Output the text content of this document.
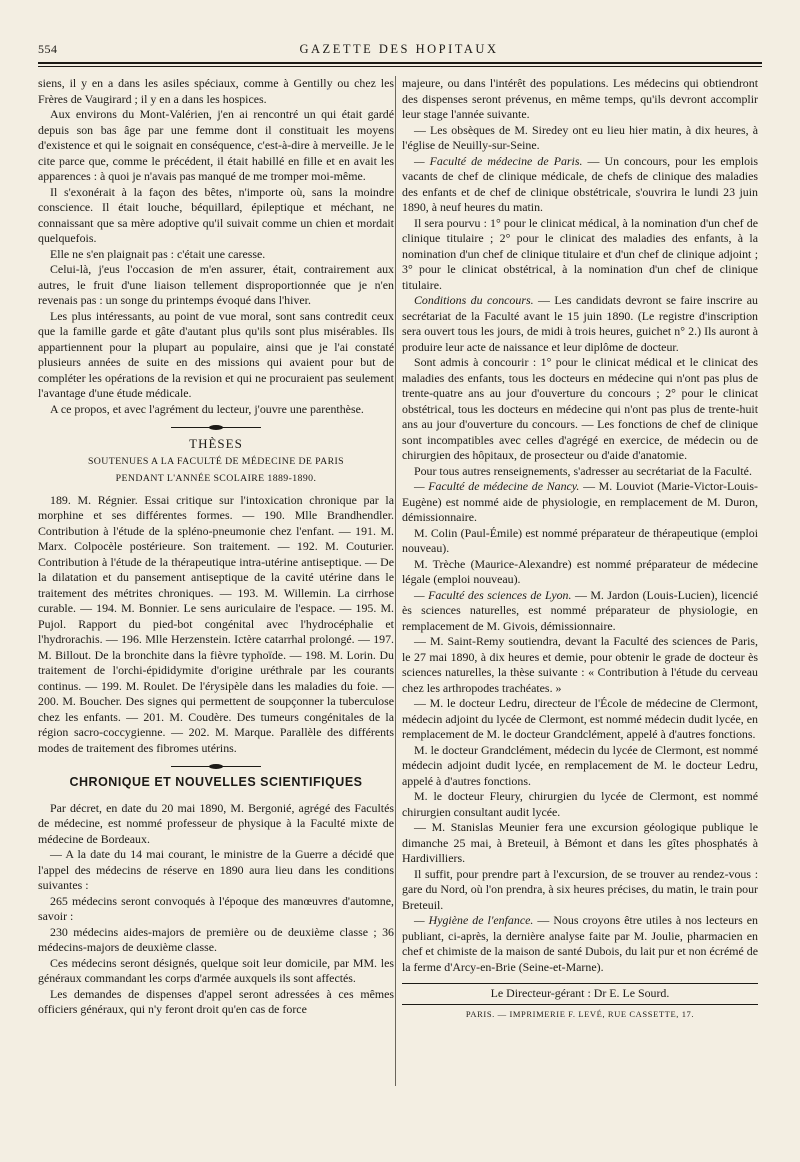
554	GAZETTE DES HOPITAUX

siens, il y en a dans les asiles spéciaux, comme à Gentilly ou chez les Frères de Vaugirard ; il y en a dans les hospices.

Aux environs du Mont-Valérien, j'en ai rencontré un qui était gardé depuis son bas âge par une femme dont il constituait les moyens d'existence et qui le soignait en conséquence, c'est-à-dire à merveille. Je le cite parce que, comme le précédent, il était habillé en fille et en avait les apparences : à quoi je n'avais pas manqué de me tromper moi-même.

Il s'exonérait à la façon des bêtes, n'importe où, sans la moindre conscience. Il était louche, béquillard, épileptique et méchant, ne connaissant que sa mère adoptive qu'il suivait comme un chien et mordait quelquefois.

Elle ne s'en plaignait pas : c'était une caresse.

Celui-là, j'eus l'occasion de m'en assurer, était, contrairement aux autres, le fruit d'une liaison tellement disproportionnée que je n'en revenais pas : un songe du printemps évoqué dans l'hiver.

Les plus intéressants, au point de vue moral, sont sans contredit ceux que la famille garde et gâte d'autant plus qu'ils sont plus misérables. Ils appartiennent pour la plupart au populaire, ainsi que je l'ai constaté plusieurs années de suite en des missions qui avaient pour but de compléter les opérations de la revision et qui ne procuraient pas seulement l'avantage d'une étude médicale.

A ce propos, et avec l'agrément du lecteur, j'ouvre une parenthèse.

THÈSES
SOUTENUES A LA FACULTÉ DE MÉDECINE DE PARIS
PENDANT L'ANNÉE SCOLAIRE 1889-1890.

189. M. Régnier. Essai critique sur l'intoxication chronique par la morphine et ses différentes formes. — 190. Mlle Brandhendler. Contribution à l'étude de la spléno-pneumonie chez l'enfant. — 191. M. Marx. Colpocèle postérieure. Son traitement. — 192. M. Couturier. Contribution à l'étude de la thérapeutique intra-utérine antiseptique. — De la dilatation et du pansement antiseptique de la cavité utérine dans le traitement des métrites chroniques. — 193. M. Willemin. La cirrhose curable. — 194. M. Bonnier. Le sens auriculaire de l'espace. — 195. M. Pujol. Rapport du pied-bot congénital avec l'hydrocéphalie et l'hydrorachis. — 196. Mlle Herzenstein. Ictère catarrhal prolongé. — 197. M. Billout. De la bronchite dans la fièvre typhoïde. — 198. M. Lorin. Du traitement de l'orchi-épididymite d'origine uréthrale par les courants continus. — 199. M. Roulet. De l'érysipèle dans les maladies du foie. — 200. M. Boucher. Des signes qui permettent de soupçonner la tuberculose chez les enfants. — 201. M. Coudère. Des tumeurs congénitales de la région sacro-coccygienne. — 202. M. Marque. Parallèle des différents modes de traitement des fibromes utérins.

CHRONIQUE ET NOUVELLES SCIENTIFIQUES

Par décret, en date du 20 mai 1890, M. Bergonié, agrégé des Facultés de médecine, est nommé professeur de physique à la Faculté mixte de médecine de Bordeaux.

— A la date du 14 mai courant, le ministre de la Guerre a décidé que l'appel des médecins de réserve en 1890 aura lieu dans les conditions suivantes :

265 médecins seront convoqués à l'époque des manœuvres d'automne, savoir :

230 médecins aides-majors de première ou de deuxième classe ; 36 médecins-majors de deuxième classe.

Ces médecins seront désignés, quelque soit leur domicile, par MM. les généraux commandant les corps d'armée auxquels ils sont affectés.

Les demandes de dispenses d'appel seront adressées à ces mêmes officiers généraux, qui n'y feront droit qu'en cas de force

majeure, ou dans l'intérêt des populations. Les médecins qui obtiendront des dispenses seront prévenus, en même temps, qu'ils devront accomplir leur stage l'année suivante.

— Les obsèques de M. Siredey ont eu lieu hier matin, à dix heures, à l'église de Neuilly-sur-Seine.

— Faculté de médecine de Paris. — Un concours, pour les emplois vacants de chef de clinique médicale, de chefs de clinique des maladies des enfants et de chef de clinique obstétricale, s'ouvrira le lundi 23 juin 1890, à neuf heures du matin.

Il sera pourvu : 1° pour le clinicat médical, à la nomination d'un chef de clinique titulaire ; 2° pour le clinicat des maladies des enfants, à la nomination d'un chef de clinique titulaire et d'un chef de clinique adjoint ; 3° pour le clinicat obstétrical, à la nomination d'un chef de clinique titulaire.

Conditions du concours. — Les candidats devront se faire inscrire au secrétariat de la Faculté avant le 15 juin 1890. (Le registre d'inscription sera ouvert tous les jours, de midi à trois heures, guichet n° 2.) Ils auront à produire leur acte de naissance et leur diplôme de docteur.

Sont admis à concourir : 1° pour le clinicat médical et le clinicat des maladies des enfants, tous les docteurs en médecine qui n'ont pas plus de trente-quatre ans au jour d'ouverture du concours ; 2° pour le clinicat obstétrical, tous les docteurs en médecine qui n'ont pas plus de trente-huit ans au jour d'ouverture du concours. — Les fonctions de chef de clinique sont incompatibles avec celles d'agrégé en exercice, de médecin ou de chirurgien des hôpitaux, de prosecteur ou d'aide d'anatomie.

Pour tous autres renseignements, s'adresser au secrétariat de la Faculté.

— Faculté de médecine de Nancy. — M. Louviot (Marie-Victor-Louis-Eugène) est nommé aide de physiologie, en remplacement de M. Duron, démissionnaire.

M. Colin (Paul-Émile) est nommé préparateur de thérapeutique (emploi nouveau).

M. Trèche (Maurice-Alexandre) est nommé préparateur de médecine légale (emploi nouveau).

— Faculté des sciences de Lyon. — M. Jardon (Louis-Lucien), licencié ès sciences naturelles, est nommé préparateur de physiologie, en remplacement de M. Givois, démissionnaire.

— M. Saint-Remy soutiendra, devant la Faculté des sciences de Paris, le 27 mai 1890, à dix heures et demie, pour obtenir le grade de docteur ès sciences naturelles, la thèse suivante : « Contribution à l'étude du cerveau chez les arthropodes trachéates. »

— M. le docteur Ledru, directeur de l'École de médecine de Clermont, médecin adjoint du lycée de Clermont, est nommé médecin dudit lycée, en remplacement de M. le docteur Grandclément, appelé à d'autres fonctions.

M. le docteur Grandclément, médecin du lycée de Clermont, est nommé médecin adjoint dudit lycée, en remplacement de M. le docteur Ledru, appelé à d'autres fonctions.

M. le docteur Fleury, chirurgien du lycée de Clermont, est nommé chirurgien consultant audit lycée.

— M. Stanislas Meunier fera une excursion géologique publique le dimanche 25 mai, à Breteuil, à Bémont et dans les gîtes phosphatés à Hardivilliers.

Il suffit, pour prendre part à l'excursion, de se trouver au rendez-vous : gare du Nord, où l'on prendra, à six heures précises, du matin, le train pour Breteuil.

— Hygiène de l'enfance. — Nous croyons être utiles à nos lecteurs en publiant, ci-après, la dernière analyse faite par M. Joulie, pharmacien en chef et chimiste de la maison de santé Dubois, du lait pur et non écrémé de la ferme d'Arcy-en-Brie (Seine-et-Marne).

Le Directeur-gérant : Dr E. Le Sourd.
PARIS. — IMPRIMERIE F. LEVÉ, RUE CASSETTE, 17.
